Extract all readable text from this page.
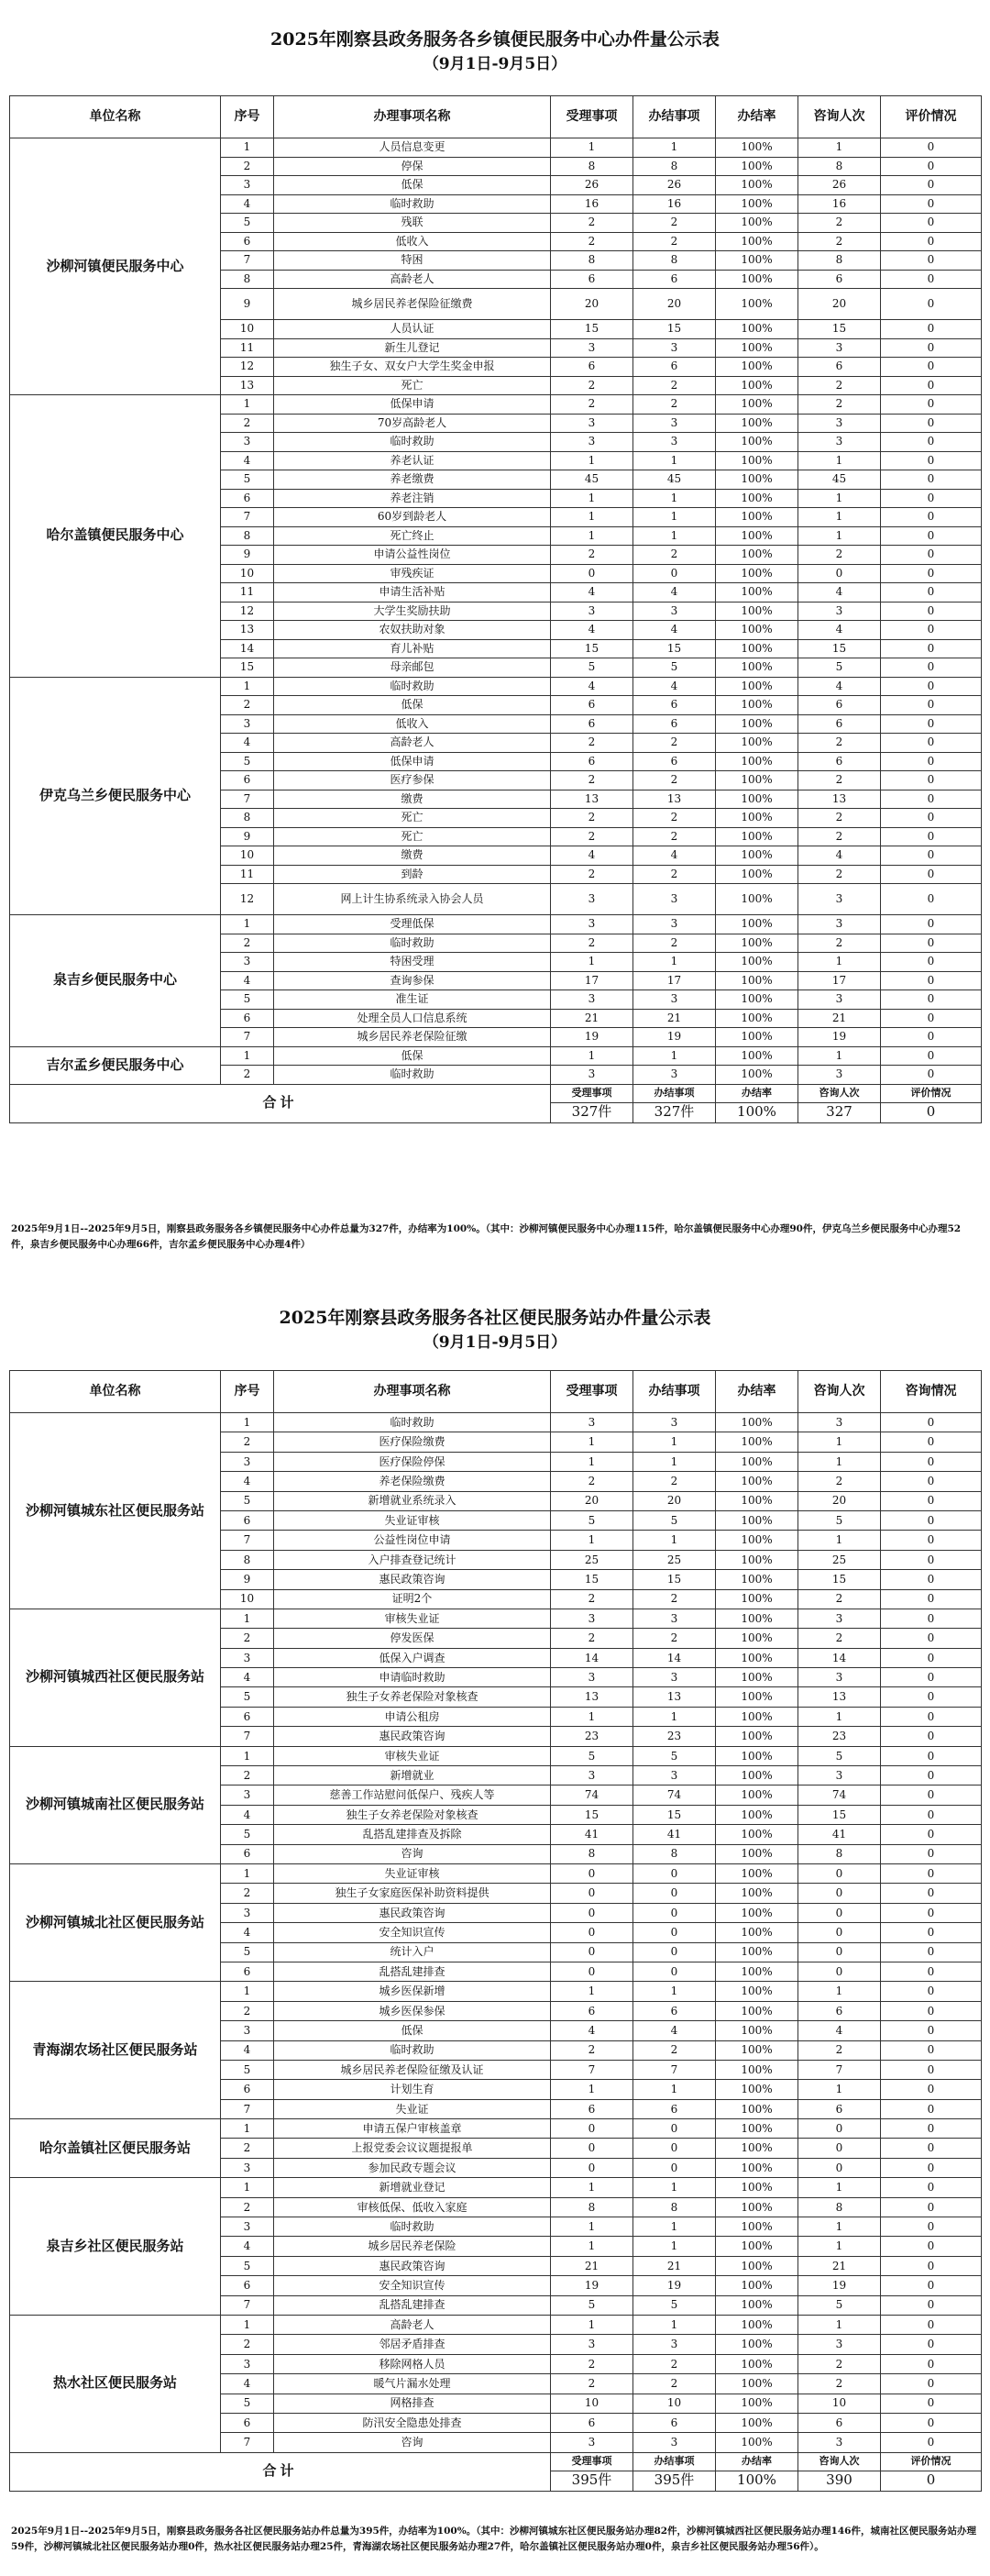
2025年刚察县政务服务各乡镇便民服务中心办件量公示表
（9月1日-9月5日）
单位名称	序号	办理事项名称	受理事项	办结事项	办结率	咨询人次	评价情况
沙柳河镇便民服务中心	1	人员信息变更	1	1	100%	1	0
	2	停保	8	8	100%	8	0
	3	低保	26	26	100%	26	0
	4	临时救助	16	16	100%	16	0
	5	残联	2	2	100%	2	0
	6	低收入	2	2	100%	2	0
	7	特困	8	8	100%	8	0
	8	高龄老人	6	6	100%	6	0
	9	城乡居民养老保险征缴费	20	20	100%	20	0
	10	人员认证	15	15	100%	15	0
	11	新生儿登记	3	3	100%	3	0
	12	独生子女、双女户大学生奖金申报	6	6	100%	6	0
	13	死亡	2	2	100%	2	0
哈尔盖镇便民服务中心	1	低保申请	2	2	100%	2	0
	2	70岁高龄老人	3	3	100%	3	0
	3	临时救助	3	3	100%	3	0
	4	养老认证	1	1	100%	1	0
	5	养老缴费	45	45	100%	45	0
	6	养老注销	1	1	100%	1	0
	7	60岁到龄老人	1	1	100%	1	0
	8	死亡终止	1	1	100%	1	0
	9	申请公益性岗位	2	2	100%	2	0
	10	审残疾证	0	0	100%	0	0
	11	申请生活补贴	4	4	100%	4	0
	12	大学生奖励扶助	3	3	100%	3	0
	13	农奴扶助对象	4	4	100%	4	0
	14	育儿补贴	15	15	100%	15	0
	15	母亲邮包	5	5	100%	5	0
伊克乌兰乡便民服务中心	1	临时救助	4	4	100%	4	0
	2	低保	6	6	100%	6	0
	3	低收入	6	6	100%	6	0
	4	高龄老人	2	2	100%	2	0
	5	低保申请	6	6	100%	6	0
	6	医疗参保	2	2	100%	2	0
	7	缴费	13	13	100%	13	0
	8	死亡	2	2	100%	2	0
	9	死亡	2	2	100%	2	0
	10	缴费	4	4	100%	4	0
	11	到龄	2	2	100%	2	0
	12	网上计生协系统录入协会人员	3	3	100%	3	0
泉吉乡便民服务中心	1	受理低保	3	3	100%	3	0
	2	临时救助	2	2	100%	2	0
	3	特困受理	1	1	100%	1	0
	4	查询参保	17	17	100%	17	0
	5	准生证	3	3	100%	3	0
	6	处理全员人口信息系统	21	21	100%	21	0
	7	城乡居民养老保险征缴	19	19	100%	19	0
吉尔孟乡便民服务中心	1	低保	1	1	100%	1	0
	2	临时救助	3	3	100%	3	0
合计			受理事项	办结事项	办结率	咨询人次	评价情况
			327件	327件	100%	327	0
2025年9月1日--2025年9月5日，刚察县政务服务各乡镇便民服务中心办件总量为327件，办结率为100%。（其中：沙柳河镇便民服务中心办理115件，哈尔盖镇便民服务中心办理90件，伊克乌兰乡便民服务中心办理52件，泉吉乡便民服务中心办理66件，吉尔孟乡便民服务中心办理4件）
2025年刚察县政务服务各社区便民服务站办件量公示表
（9月1日-9月5日）
单位名称	序号	办理事项名称	受理事项	办结事项	办结率	咨询人次	咨询情况
沙柳河镇城东社区便民服务站	1	临时救助	3	3	100%	3	0
	2	医疗保险缴费	1	1	100%	1	0
	3	医疗保险停保	1	1	100%	1	0
	4	养老保险缴费	2	2	100%	2	0
	5	新增就业系统录入	20	20	100%	20	0
	6	失业证审核	5	5	100%	5	0
	7	公益性岗位申请	1	1	100%	1	0
	8	入户排查登记统计	25	25	100%	25	0
	9	惠民政策咨询	15	15	100%	15	0
	10	证明2个	2	2	100%	2	0
沙柳河镇城西社区便民服务站	1	审核失业证	3	3	100%	3	0
	2	停发医保	2	2	100%	2	0
	3	低保入户调查	14	14	100%	14	0
	4	申请临时救助	3	3	100%	3	0
	5	独生子女养老保险对象核查	13	13	100%	13	0
	6	申请公租房	1	1	100%	1	0
	7	惠民政策咨询	23	23	100%	23	0
沙柳河镇城南社区便民服务站	1	审核失业证	5	5	100%	5	0
	2	新增就业	3	3	100%	3	0
	3	慈善工作站慰问低保户、残疾人等	74	74	100%	74	0
	4	独生子女养老保险对象核查	15	15	100%	15	0
	5	乱搭乱建排查及拆除	41	41	100%	41	0
	6	咨询	8	8	100%	8	0
沙柳河镇城北社区便民服务站	1	失业证审核	0	0	100%	0	0
	2	独生子女家庭医保补助资料提供	0	0	100%	0	0
	3	惠民政策咨询	0	0	100%	0	0
	4	安全知识宣传	0	0	100%	0	0
	5	统计入户	0	0	100%	0	0
	6	乱搭乱建排查	0	0	100%	0	0
青海湖农场社区便民服务站	1	城乡医保新增	1	1	100%	1	0
	2	城乡医保参保	6	6	100%	6	0
	3	低保	4	4	100%	4	0
	4	临时救助	2	2	100%	2	0
	5	城乡居民养老保险征缴及认证	7	7	100%	7	0
	6	计划生育	1	1	100%	1	0
	7	失业证	6	6	100%	6	0
哈尔盖镇社区便民服务站	1	申请五保户审核盖章	0	0	100%	0	0
	2	上报党委会议议题提报单	0	0	100%	0	0
	3	参加民政专题会议	0	0	100%	0	0
泉吉乡社区便民服务站	1	新增就业登记	1	1	100%	1	0
	2	审核低保、低收入家庭	8	8	100%	8	0
	3	临时救助	1	1	100%	1	0
	4	城乡居民养老保险	1	1	100%	1	0
	5	惠民政策咨询	21	21	100%	21	0
	6	安全知识宣传	19	19	100%	19	0
	7	乱搭乱建排查	5	5	100%	5	0
热水社区便民服务站	1	高龄老人	1	1	100%	1	0
	2	邻居矛盾排查	3	3	100%	3	0
	3	移除网格人员	2	2	100%	2	0
	4	暖气片漏水处理	2	2	100%	2	0
	5	网格排查	10	10	100%	10	0
	6	防汛安全隐患处排查	6	6	100%	6	0
	7	咨询	3	3	100%	3	0
合计			受理事项	办结事项	办结率	咨询人次	评价情况
			395件	395件	100%	390	0
2025年9月1日--2025年9月5日，刚察县政务服务各社区便民服务站办件总量为395件，办结率为100%。（其中：沙柳河镇城东社区便民服务站办理82件，沙柳河镇城西社区便民服务站办理146件，城南社区便民服务站办理59件，沙柳河镇城北社区便民服务站办理0件，热水社区便民服务站办理25件，青海湖农场社区便民服务站办理27件，哈尔盖镇社区便民服务站办理0件，泉吉乡社区便民服务站办理56件）。
